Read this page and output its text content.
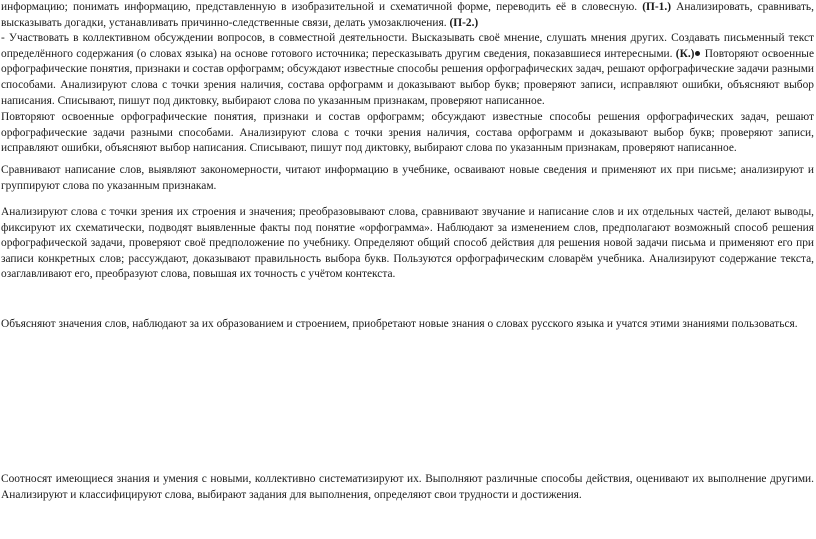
информацию; понимать информацию, представленную в изобразительной и схематичной форме, переводить её в словесную. (П-1.) Анализировать, сравнивать, высказывать догадки, устанавливать причинно-следственные связи, делать умозаключения. (П-2.)
- Участвовать в коллективном обсуждении вопросов, в совместной деятельности. Высказывать своё мнение, слушать мнения других. Создавать письменный текст определённого содержания (о словах языка) на основе готового источника; пересказывать другим сведения, показавшиеся интересными. (К.) Повторяют освоенные орфографические понятия, признаки и состав орфограмм; обсуждают известные способы решения орфографических задач, решают орфографические задачи разными способами. Анализируют слова с точки зрения наличия, состава орфограмм и доказывают выбор букв; проверяют записи, исправляют ошибки, объясняют выбор написания. Списывают, пишут под диктовку, выбирают слова по указанным признакам, проверяют написанное.

Повторяют освоенные орфографические понятия, признаки и состав орфограмм; обсуждают известные способы решения орфографических задач, решают орфографические задачи разными способами. Анализируют слова с точки зрения наличия, состава орфограмм и доказывают выбор букв; проверяют записи, исправляют ошибки, объясняют выбор написания. Списывают, пишут под диктовку, выбирают слова по указанным признакам, проверяют написанное.

Сравнивают написание слов, выявляют закономерности, читают информацию в учебнике, осваивают новые сведения и применяют их при письме; анализируют и группируют слова по указанным признакам.

Анализируют слова с точки зрения их строения и значения; преобразовывают слова, сравнивают звучание и написание слов и их отдельных частей, делают выводы, фиксируют их схематически, подводят выявленные факты под понятие «орфограмма». Наблюдают за изменением слов, предполагают возможный способ решения орфографической задачи, проверяют своё предположение по учебнику. Определяют общий способ действия для решения новой задачи письма и применяют его при записи конкретных слов; рассуждают, доказывают правильность выбора букв. Пользуются орфографическим словарём учебника. Анализируют содержание текста, озаглавливают его, преобразуют слова, повышая их точность с учётом контекста.

Объясняют значения слов, наблюдают за их образованием и строением, приобретают новые знания о словах русского языка и учатся этими знаниями пользоваться.

Соотносят имеющиеся знания и умения с новыми, коллективно систематизируют их. Выполняют различные способы действия, оценивают их выполнение другими. Анализируют и классифицируют слова, выбирают задания для выполнения, определяют свои трудности и достижения.
